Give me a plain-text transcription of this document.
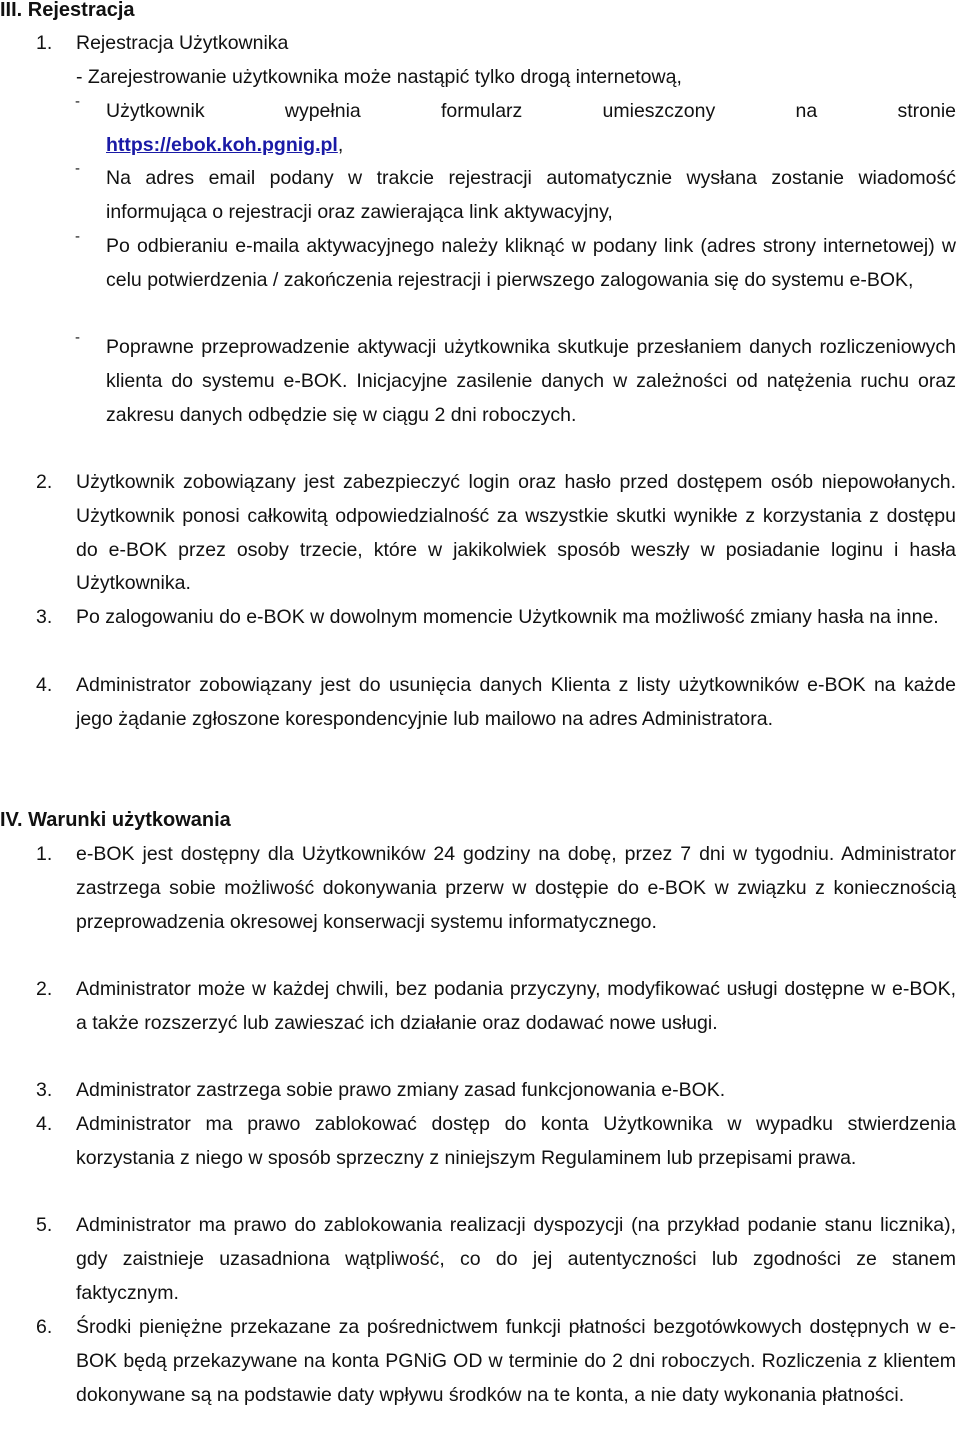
III. Rejestracja
1. Rejestracja Użytkownika
- Zarejestrowanie użytkownika może nastąpić tylko drogą internetową,
- Użytkownik wypełnia formularz umieszczony na stronie
https://ebok.koh.pgnig.pl,
- Na adres email podany w trakcie rejestracji automatycznie wysłana zostanie wiadomość informująca o rejestracji oraz zawierająca link aktywacyjny,
- Po odbieraniu e-maila aktywacyjnego należy kliknąć w podany link (adres strony internetowej) w celu potwierdzenia / zakończenia rejestracji i pierwszego zalogowania się do systemu e-BOK,
- Poprawne przeprowadzenie aktywacji użytkownika skutkuje przesłaniem danych rozliczeniowych klienta do systemu e-BOK. Inicjacyjne zasilenie danych w zależności od natężenia ruchu oraz zakresu danych odbędzie się w ciągu 2 dni roboczych.
2. Użytkownik zobowiązany jest zabezpieczyć login oraz hasło przed dostępem osób niepowołanych. Użytkownik ponosi całkowitą odpowiedzialność za wszystkie skutki wynikłe z korzystania z dostępu do e-BOK przez osoby trzecie, które w jakikolwiek sposób weszły w posiadanie loginu i hasła Użytkownika.
3. Po zalogowaniu do e-BOK w dowolnym momencie Użytkownik ma możliwość zmiany hasła na inne.
4. Administrator zobowiązany jest do usunięcia danych Klienta z listy użytkowników e-BOK na każde jego żądanie zgłoszone korespondencyjnie lub mailowo na adres Administratora.
IV. Warunki użytkowania
1. e-BOK jest dostępny dla Użytkowników 24 godziny na dobę, przez 7 dni w tygodniu. Administrator zastrzega sobie możliwość dokonywania przerw w dostępie do e-BOK w związku z koniecznością przeprowadzenia okresowej konserwacji systemu informatycznego.
2. Administrator może w każdej chwili, bez podania przyczyny, modyfikować usługi dostępne w e-BOK, a także rozszerzyć lub zawieszać ich działanie oraz dodawać nowe usługi.
3. Administrator zastrzega sobie prawo zmiany zasad funkcjonowania e-BOK.
4. Administrator ma prawo zablokować dostęp do konta Użytkownika w wypadku stwierdzenia korzystania z niego w sposób sprzeczny z niniejszym Regulaminem lub przepisami prawa.
5. Administrator ma prawo do zablokowania realizacji dyspozycji (na przykład podanie stanu licznika), gdy zaistnieje uzasadniona wątpliwość, co do jej autentyczności lub zgodności ze stanem faktycznym.
6. Środki pieniężne przekazane za pośrednictwem funkcji płatności bezgotówkowych dostępnych w e-BOK będą przekazywane na konta PGNiG OD w terminie do 2 dni roboczych. Rozliczenia z klientem dokonywane są na podstawie daty wpływu środków na te konta, a nie daty wykonania płatności.
